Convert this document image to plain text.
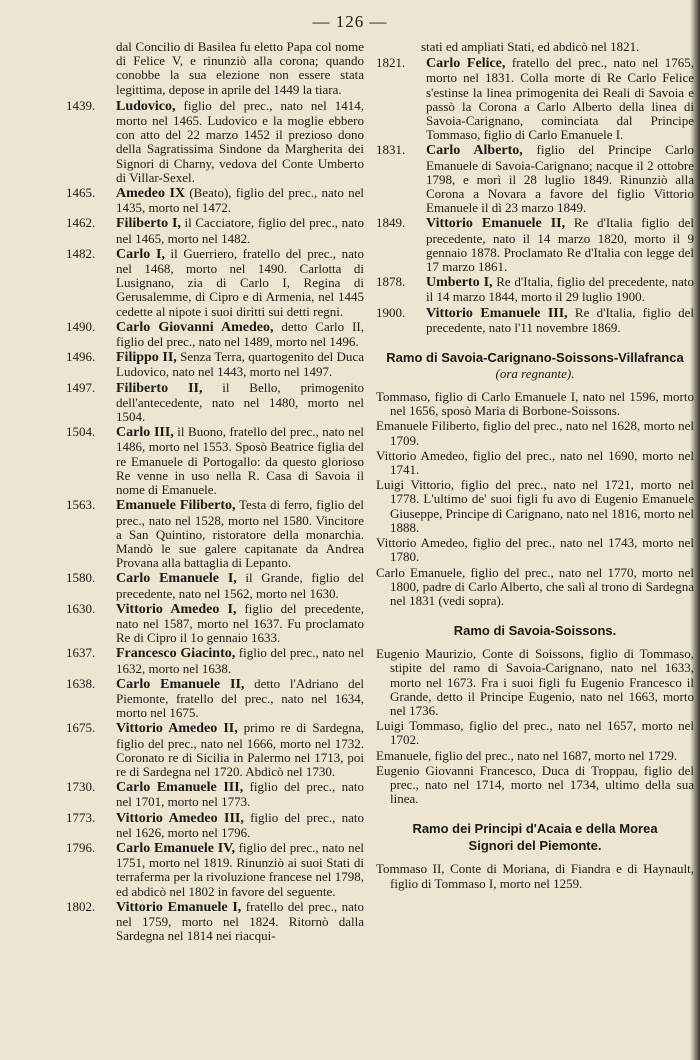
— 126 —

dal Concilio di Basilea fu eletto Papa col nome di Felice V, e rinunziò alla corona; quando conobbe la sua elezione non essere stata legittima, depose in aprile del 1449 la tiara.

1439. Ludovico, figlio del prec., nato nel 1414, morto nel 1465. Ludovico e la moglie ebbero con atto del 22 marzo 1452 il prezioso dono della Sagratissima Sindone da Margherita dei Signori di Charny, vedova del Conte Umberto di Villar-Sexel.

1465. Amedeo IX (Beato), figlio del prec., nato nel 1435, morto nel 1472.

1462. Filiberto I, il Cacciatore, figlio del prec., nato nel 1465, morto nel 1482.

1482. Carlo I, il Guerriero, fratello del prec., nato nel 1468, morto nel 1490. Carlotta di Lusignano, zia di Carlo I, Regina di Gerusalemme, di Cipro e di Armenia, nel 1445 cedette al nipote i suoi diritti sui detti regni.

1490. Carlo Giovanni Amedeo, detto Carlo II, figlio del prec., nato nel 1489, morto nel 1496.

1496. Filippo II, Senza Terra, quartogenito del Duca Ludovico, nato nel 1443, morto nel 1497.

1497. Filiberto II, il Bello, primogenito dell'antecedente, nato nel 1480, morto nel 1504.

1504. Carlo III, il Buono, fratello del prec., nato nel 1486, morto nel 1553. Sposò Beatrice figlia del re Emanuele di Portogallo: da questo glorioso Re venne in uso nella R. Casa di Savoia il nome di Emanuele.

1563. Emanuele Filiberto, Testa di ferro, figlio del prec., nato nel 1528, morto nel 1580. Vincitore a San Quintino, ristoratore della monarchia. Mandò le sue galere capitanate da Andrea Provana alla battaglia di Lepanto.

1580. Carlo Emanuele I, il Grande, figlio del precedente, nato nel 1562, morto nel 1630.

1630. Vittorio Amedeo I, figlio del precedente, nato nel 1587, morto nel 1637. Fu proclamato Re di Cipro il 1o gennaio 1633.

1637. Francesco Giacinto, figlio del prec., nato nel 1632, morto nel 1638.

1638. Carlo Emanuele II, detto l'Adriano del Piemonte, fratello del prec., nato nel 1634, morto nel 1675.

1675. Vittorio Amedeo II, primo re di Sardegna, figlio del prec., nato nel 1666, morto nel 1732. Coronato re di Sicilia in Palermo nel 1713, poi re di Sardegna nel 1720. Abdicò nel 1730.

1730. Carlo Emanuele III, figlio del prec., nato nel 1701, morto nel 1773.

1773. Vittorio Amedeo III, figlio del prec., nato nel 1626, morto nel 1796.

1796. Carlo Emanuele IV, figlio del prec., nato nel 1751, morto nel 1819. Rinunziò ai suoi Stati di terraferma per la rivoluzione francese nel 1798, ed abdicò nel 1802 in favore del seguente.

1802. Vittorio Emanuele I, fratello del prec., nato nel 1759, morto nel 1824. Ritornò dalla Sardegna nel 1814 nei riacqui-

stati ed ampliati Stati, ed abdicò nel 1821.

1821. Carlo Felice, fratello del prec., nato nel 1765, morto nel 1831. Colla morte di Re Carlo Felice s'estinse la linea primogenita dei Reali di Savoia e passò la Corona a Carlo Alberto della linea di Savoia-Carignano, cominciata dal Principe Tommaso, figlio di Carlo Emanuele I.

1831. Carlo Alberto, figlio del Principe Carlo Emanuele di Savoia-Carignano; nacque il 2 ottobre 1798, e morì il 28 luglio 1849. Rinunziò alla Corona a Novara a favore del figlio Vittorio Emanuele il dì 23 marzo 1849.

1849. Vittorio Emanuele II, Re d'Italia figlio del precedente, nato il 14 marzo 1820, morto il 9 gennaio 1878. Proclamato Re d'Italia con legge del 17 marzo 1861.

1878. Umberto I, Re d'Italia, figlio del precedente, nato il 14 marzo 1844, morto il 29 luglio 1900.

1900. Vittorio Emanuele III, Re d'Italia, figlio del precedente, nato l'11 novembre 1869.

Ramo di Savoia-Carignano-Soissons-Villafranca
(ora regnante).

Tommaso, figlio di Carlo Emanuele I, nato nel 1596, morto nel 1656, sposò Maria di Borbone-Soissons.

Emanuele Filiberto, figlio del prec., nato nel 1628, morto nel 1709.

Vittorio Amedeo, figlio del prec., nato nel 1690, morto nel 1741.

Luigi Vittorio, figlio del prec., nato nel 1721, morto nel 1778. L'ultimo de' suoi figli fu avo di Eugenio Emanuele Giuseppe, Principe di Carignano, nato nel 1816, morto nel 1888.

Vittorio Amedeo, figlio del prec., nato nel 1743, morto nel 1780.

Carlo Emanuele, figlio del prec., nato nel 1770, morto nel 1800, padre di Carlo Alberto, che salì al trono di Sardegna nel 1831 (vedi sopra).

Ramo di Savoia-Soissons.

Eugenio Maurizio, Conte di Soissons, figlio di Tommaso, stipite del ramo di Savoia-Carignano, nato nel 1633, morto nel 1673. Fra i suoi figli fu Eugenio Francesco il Grande, detto il Principe Eugenio, nato nel 1663, morto nel 1736.

Luigi Tommaso, figlio del prec., nato nel 1657, morto nel 1702.

Emanuele, figlio del prec., nato nel 1687, morto nel 1729.

Eugenio Giovanni Francesco, Duca di Troppau, figlio del prec., nato nel 1714, morto nel 1734, ultimo della sua linea.

Ramo dei Principi d'Acaia e della Morea Signori del Piemonte.

Tommaso II, Conte di Moriana, di Fiandra e di Haynault, figlio di Tommaso I, morto nel 1259.
